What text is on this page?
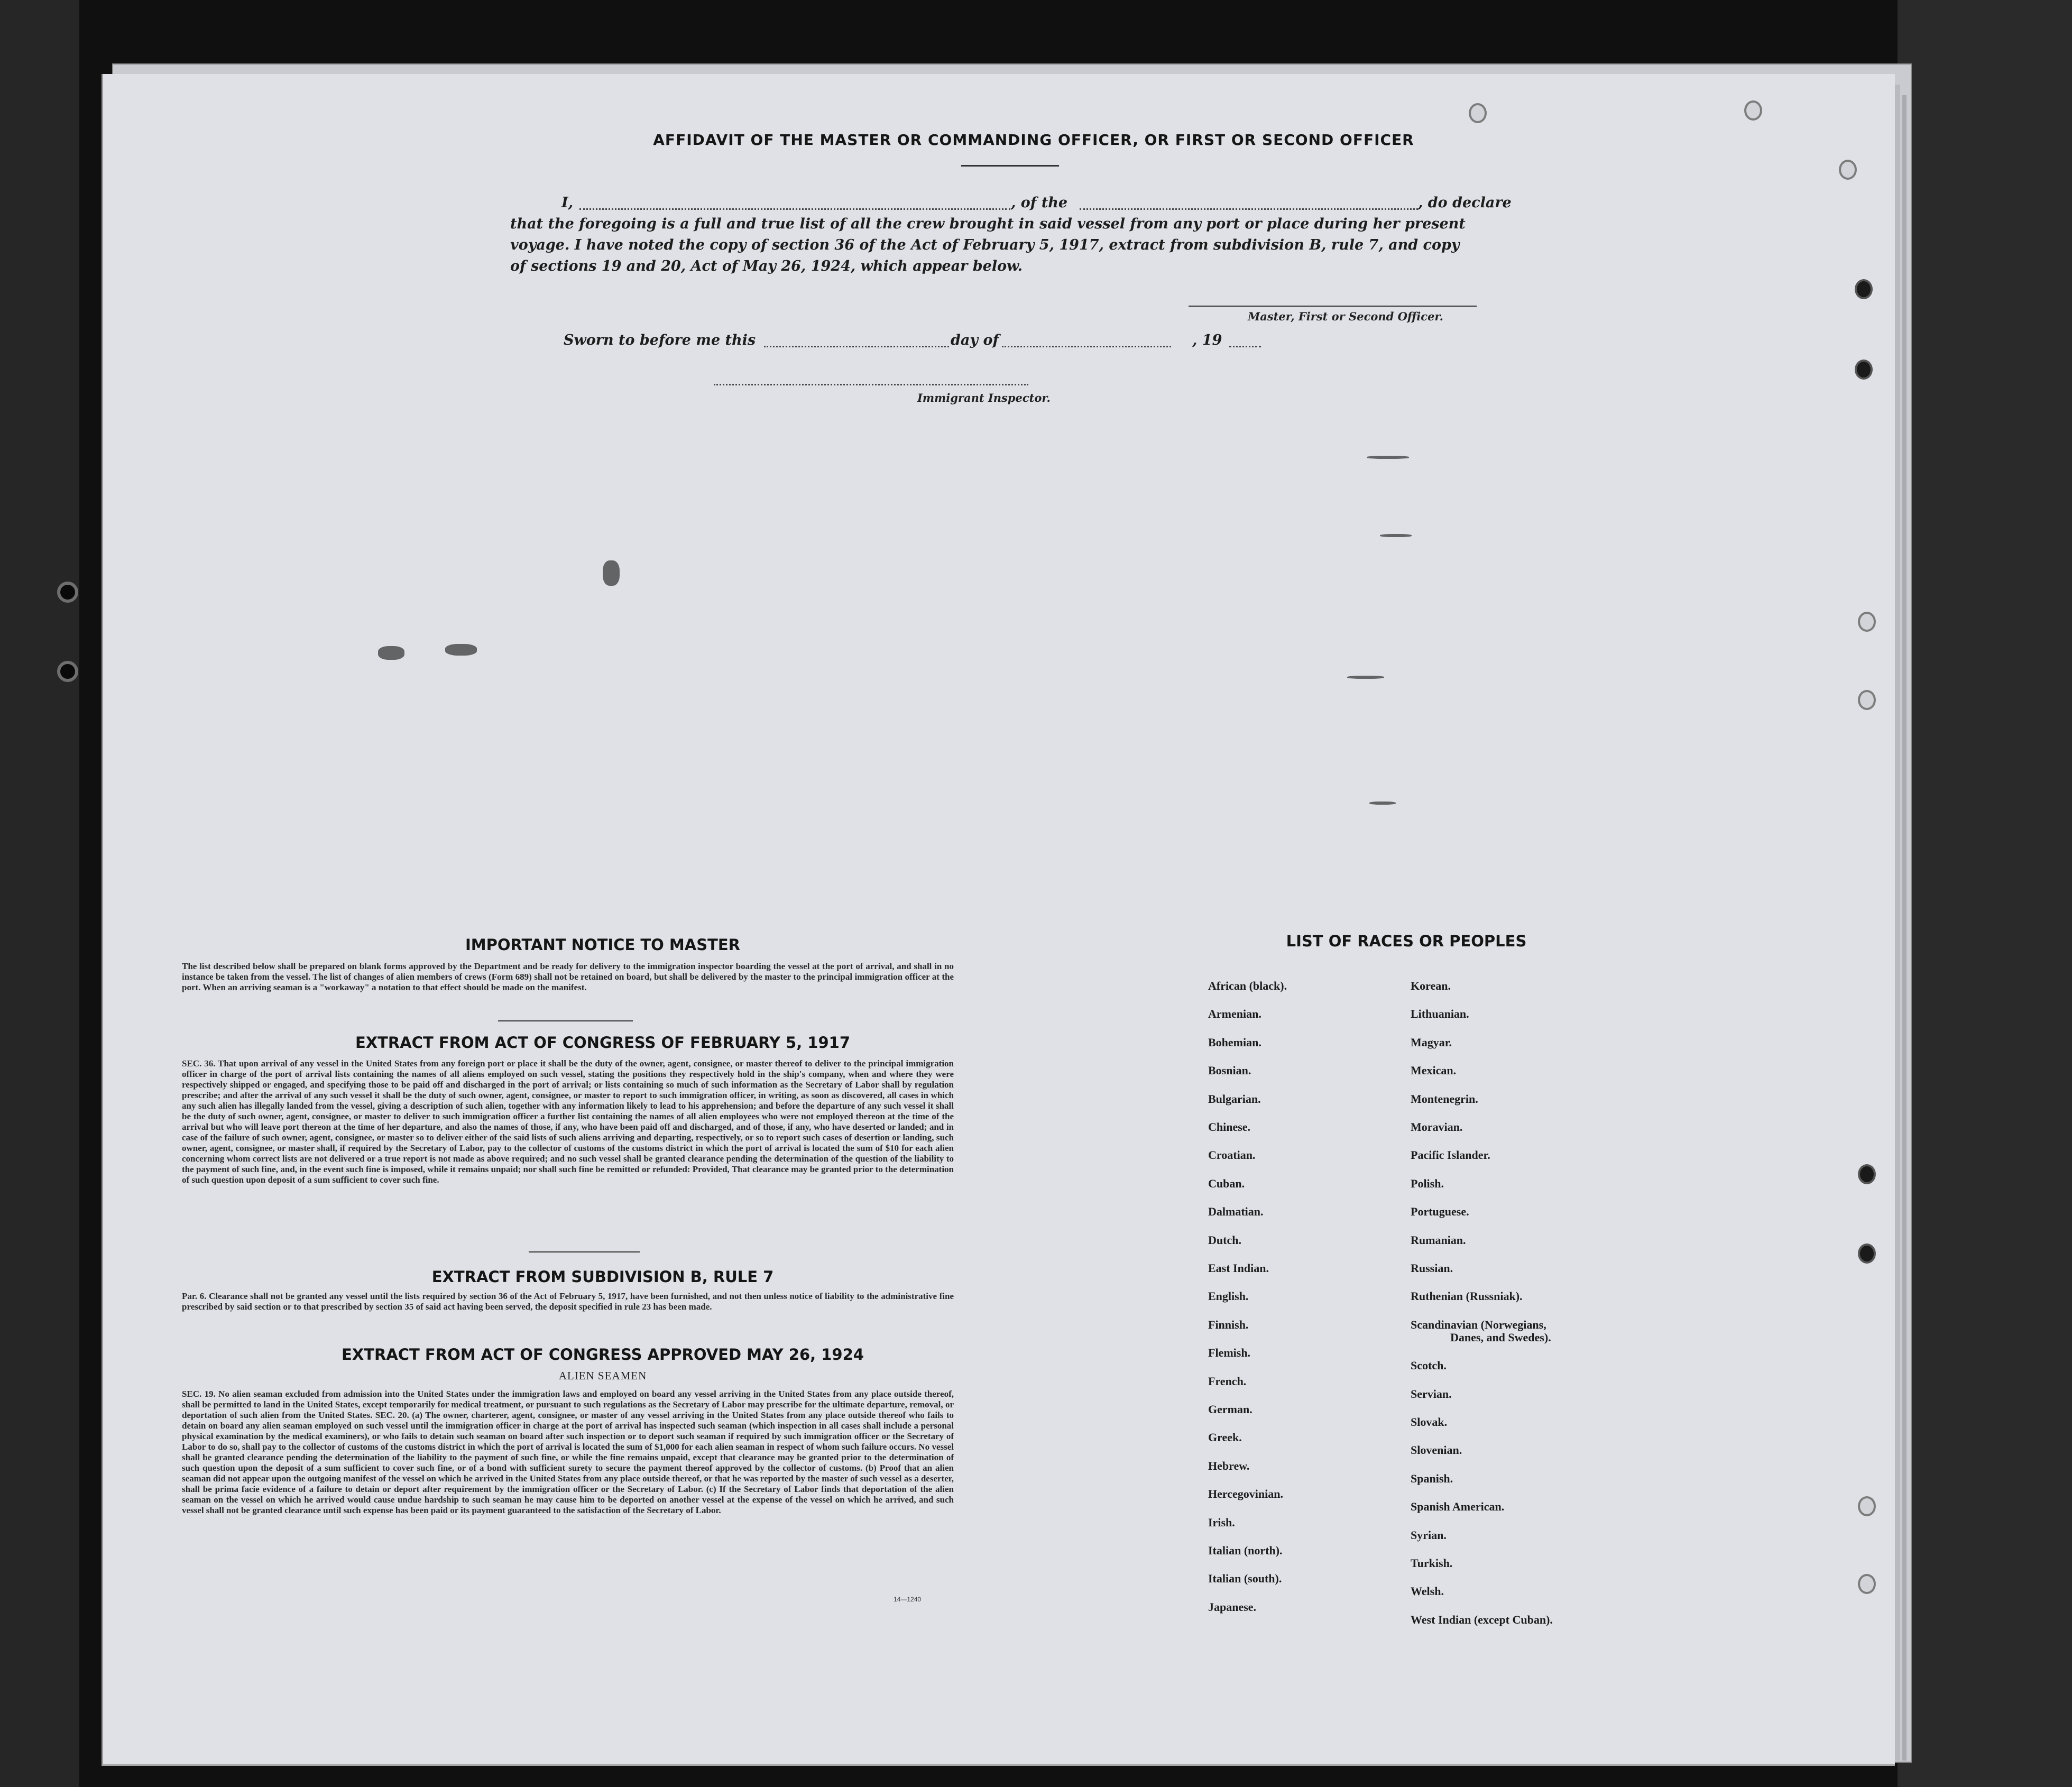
AFFIDAVIT OF THE MASTER OR COMMANDING OFFICER, OR FIRST OR SECOND OFFICER
I,	, of the	, do declare
that the foregoing is a full and true list of all the crew brought in said vessel from any port or place during her present
voyage. I have noted the copy of section 36 of the Act of February 5, 1917, extract from subdivision B, rule 7, and copy
of sections 19 and 20, Act of May 26, 1924, which appear below.
Master, First or Second Officer.
Sworn to before me this	day of	, 19
Immigrant Inspector.
IMPORTANT NOTICE TO MASTER
The list described below shall be prepared on blank forms approved by the Department and be ready for delivery to the immigration inspector boarding the vessel at the port of arrival, and shall in no instance be taken from the vessel. The list of changes of alien members of crews (Form 689) shall not be retained on board, but shall be delivered by the master to the principal immigration officer at the port. When an arriving seaman is a "workaway" a notation to that effect should be made on the manifest.
EXTRACT FROM ACT OF CONGRESS OF FEBRUARY 5, 1917
SEC. 36. That upon arrival of any vessel in the United States from any foreign port or place it shall be the duty of the owner, agent, consignee, or master thereof to deliver to the principal immigration officer in charge of the port of arrival lists containing the names of all aliens employed on such vessel, stating the positions they respectively hold in the ship's company, when and where they were respectively shipped or engaged, and specifying those to be paid off and discharged in the port of arrival; or lists containing so much of such information as the Secretary of Labor shall by regulation prescribe; and after the arrival of any such vessel it shall be the duty of such owner, agent, consignee, or master to report to such immigration officer, in writing, as soon as discovered, all cases in which any such alien has illegally landed from the vessel, giving a description of such alien, together with any information likely to lead to his apprehension; and before the departure of any such vessel it shall be the duty of such owner, agent, consignee, or master to deliver to such immigration officer a further list containing the names of all alien employees who were not employed thereon at the time of the arrival but who will leave port thereon at the time of her departure, and also the names of those, if any, who have been paid off and discharged, and of those, if any, who have deserted or landed; and in case of the failure of such owner, agent, consignee, or master so to deliver either of the said lists of such aliens arriving and departing, respectively, or so to report such cases of desertion or landing, such owner, agent, consignee, or master shall, if required by the Secretary of Labor, pay to the collector of customs of the customs district in which the port of arrival is located the sum of $10 for each alien concerning whom correct lists are not delivered or a true report is not made as above required; and no such vessel shall be granted clearance pending the determination of the question of the liability to the payment of such fine, and, in the event such fine is imposed, while it remains unpaid; nor shall such fine be remitted or refunded: Provided, That clearance may be granted prior to the determination of such question upon deposit of a sum sufficient to cover such fine.
EXTRACT FROM SUBDIVISION B, RULE 7
Par. 6. Clearance shall not be granted any vessel until the lists required by section 36 of the Act of February 5, 1917, have been furnished, and not then unless notice of liability to the administrative fine prescribed by said section or to that prescribed by section 35 of said act having been served, the deposit specified in rule 23 has been made.
EXTRACT FROM ACT OF CONGRESS APPROVED MAY 26, 1924
ALIEN SEAMEN
SEC. 19. No alien seaman excluded from admission into the United States under the immigration laws and employed on board any vessel arriving in the United States from any place outside thereof, shall be permitted to land in the United States, except temporarily for medical treatment, or pursuant to such regulations as the Secretary of Labor may prescribe for the ultimate departure, removal, or deportation of such alien from the United States. SEC. 20. (a) The owner, charterer, agent, consignee, or master of any vessel arriving in the United States from any place outside thereof who fails to detain on board any alien seaman employed on such vessel until the immigration officer in charge at the port of arrival has inspected such seaman (which inspection in all cases shall include a personal physical examination by the medical examiners), or who fails to detain such seaman on board after such inspection or to deport such seaman if required by such immigration officer or the Secretary of Labor to do so, shall pay to the collector of customs of the customs district in which the port of arrival is located the sum of $1,000 for each alien seaman in respect of whom such failure occurs. No vessel shall be granted clearance pending the determination of the liability to the payment of such fine, or while the fine remains unpaid, except that clearance may be granted prior to the determination of such question upon the deposit of a sum sufficient to cover such fine, or of a bond with sufficient surety to secure the payment thereof approved by the collector of customs. (b) Proof that an alien seaman did not appear upon the outgoing manifest of the vessel on which he arrived in the United States from any place outside thereof, or that he was reported by the master of such vessel as a deserter, shall be prima facie evidence of a failure to detain or deport after requirement by the immigration officer or the Secretary of Labor. (c) If the Secretary of Labor finds that deportation of the alien seaman on the vessel on which he arrived would cause undue hardship to such seaman he may cause him to be deported on another vessel at the expense of the vessel on which he arrived, and such vessel shall not be granted clearance until such expense has been paid or its payment guaranteed to the satisfaction of the Secretary of Labor.
14—1240
LIST OF RACES OR PEOPLES
African (black).
Armenian.
Bohemian.
Bosnian.
Bulgarian.
Chinese.
Croatian.
Cuban.
Dalmatian.
Dutch.
East Indian.
English.
Finnish.
Flemish.
French.
German.
Greek.
Hebrew.
Hercegovinian.
Irish.
Italian (north).
Italian (south).
Japanese.
Korean.
Lithuanian.
Magyar.
Mexican.
Montenegrin.
Moravian.
Pacific Islander.
Polish.
Portuguese.
Rumanian.
Russian.
Ruthenian (Russniak).
Scandinavian (Norwegians,
Danes, and Swedes).
Scotch.
Servian.
Slovak.
Slovenian.
Spanish.
Spanish American.
Syrian.
Turkish.
Welsh.
West Indian (except Cuban).
